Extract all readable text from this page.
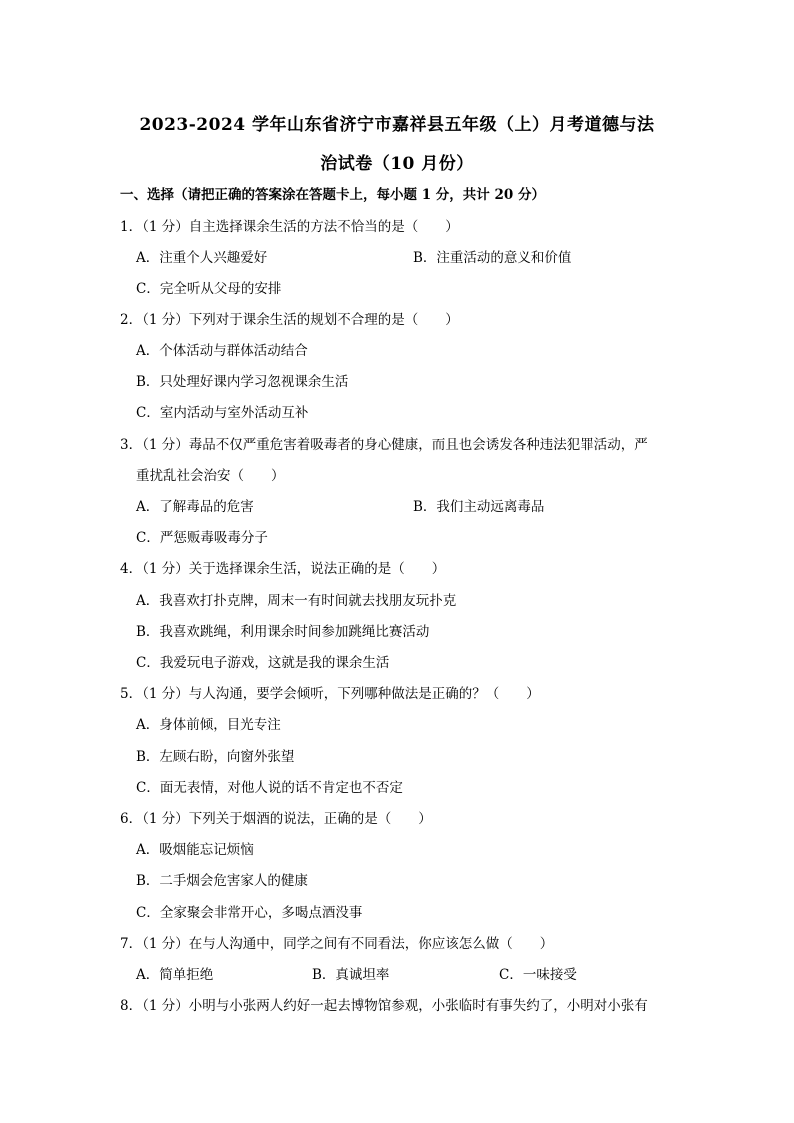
2023-2024 学年山东省济宁市嘉祥县五年级（上）月考道德与法
治试卷（10 月份）
一、选择（请把正确的答案涂在答题卡上，每小题 1 分，共计 20 分）
1．（1 分）自主选择课余生活的方法不恰当的是（　　）
A．注重个人兴趣爱好	B．注重活动的意义和价值
C．完全听从父母的安排
2．（1 分）下列对于课余生活的规划不合理的是（　　）
A．个体活动与群体活动结合
B．只处理好课内学习忽视课余生活
C．室内活动与室外活动互补
3．（1 分）毒品不仅严重危害着吸毒者的身心健康，而且也会诱发各种违法犯罪活动，严
重扰乱社会治安（　　）
A．了解毒品的危害	B．我们主动远离毒品
C．严惩贩毒吸毒分子
4．（1 分）关于选择课余生活，说法正确的是（　　）
A．我喜欢打扑克牌，周末一有时间就去找朋友玩扑克
B．我喜欢跳绳，利用课余时间参加跳绳比赛活动
C．我爱玩电子游戏，这就是我的课余生活
5．（1 分）与人沟通，要学会倾听，下列哪种做法是正确的？（　　）
A．身体前倾，目光专注
B．左顾右盼，向窗外张望
C．面无表情，对他人说的话不肯定也不否定
6．（1 分）下列关于烟酒的说法，正确的是（　　）
A．吸烟能忘记烦恼
B．二手烟会危害家人的健康
C．全家聚会非常开心，多喝点酒没事
7．（1 分）在与人沟通中，同学之间有不同看法，你应该怎么做（　　）
A．简单拒绝	B．真诚坦率	C．一味接受
8．（1 分）小明与小张两人约好一起去博物馆参观，小张临时有事失约了，小明对小张有
